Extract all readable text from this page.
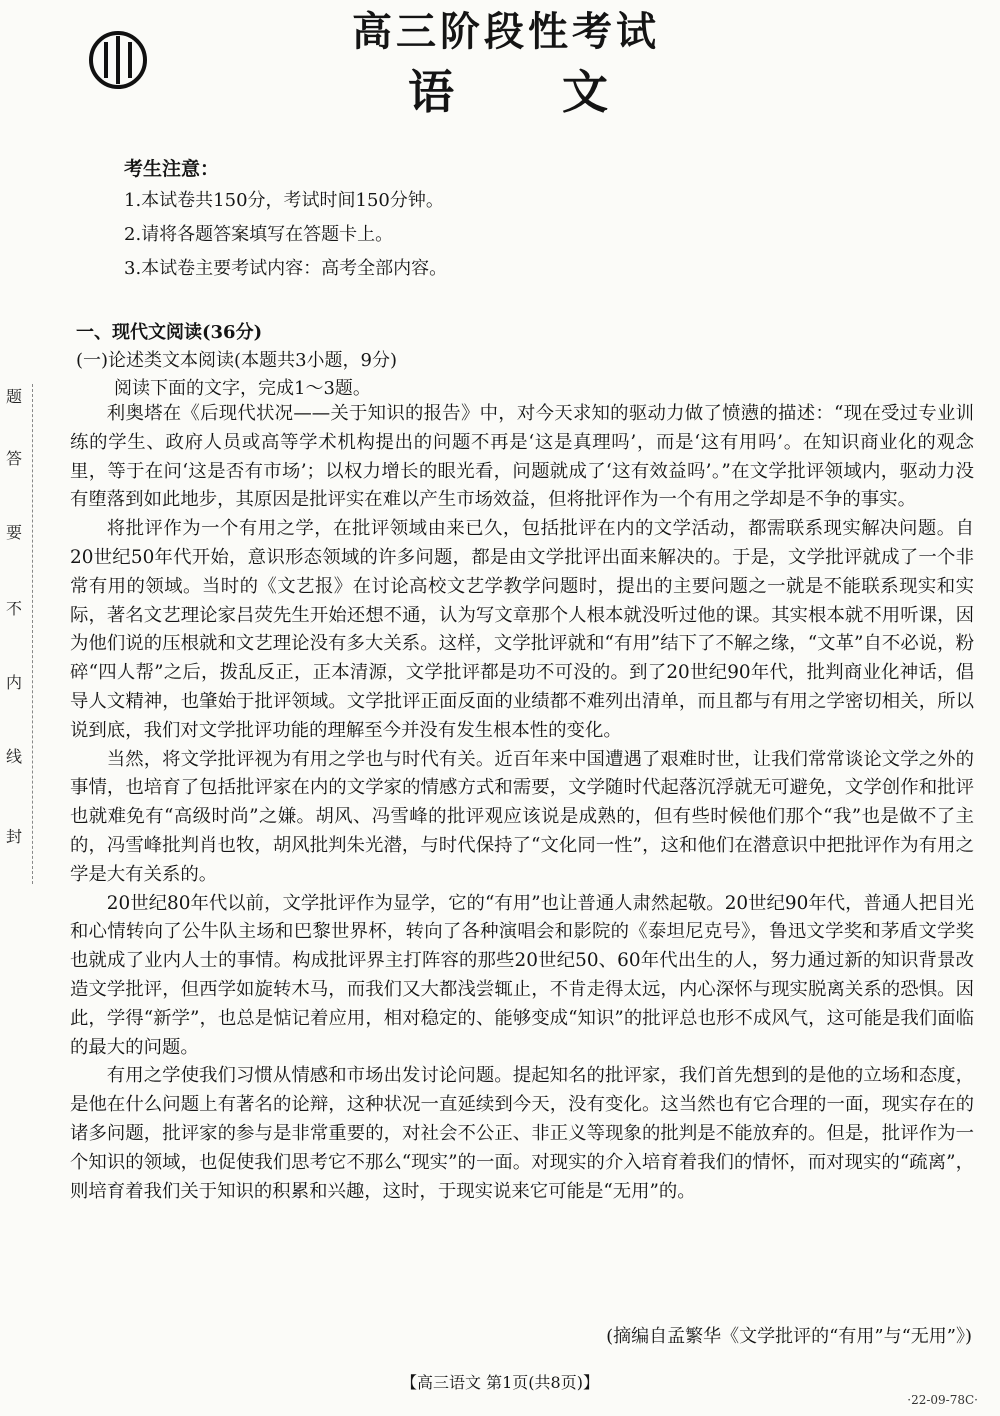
高三阶段性考试
语 文
考生注意：
1.本试卷共150分，考试时间150分钟。
2.请将各题答案填写在答题卡上。
3.本试卷主要考试内容：高考全部内容。
一、现代文阅读(36分)
(一)论述类文本阅读(本题共3小题，9分)
阅读下面的文字，完成1～3题。
题
答
要
不
内
线
封

利奥塔在《后现代状况——关于知识的报告》中，对今天求知的驱动力做了愤懑的描述：“现在受过专业训练的学生、政府人员或高等学术机构提出的问题不再是‘这是真理吗’，而是‘这有用吗’。在知识商业化的观念里，等于在问‘这是否有市场’；以权力增长的眼光看，问题就成了‘这有效益吗’。”在文学批评领域内，驱动力没有堕落到如此地步，其原因是批评实在难以产生市场效益，但将批评作为一个有用之学却是不争的事实。

将批评作为一个有用之学，在批评领域由来已久，包括批评在内的文学活动，都需联系现实解决问题。自20世纪50年代开始，意识形态领域的许多问题，都是由文学批评出面来解决的。于是，文学批评就成了一个非常有用的领域。当时的《文艺报》在讨论高校文艺学教学问题时，提出的主要问题之一就是不能联系现实和实际，著名文艺理论家吕荧先生开始还想不通，认为写文章那个人根本就没听过他的课。其实根本就不用听课，因为他们说的压根就和文艺理论没有多大关系。这样，文学批评就和“有用”结下了不解之缘，“文革”自不必说，粉碎“四人帮”之后，拨乱反正，正本清源，文学批评都是功不可没的。到了20世纪90年代，批判商业化神话，倡导人文精神，也肇始于批评领域。文学批评正面反面的业绩都不难列出清单，而且都与有用之学密切相关，所以说到底，我们对文学批评功能的理解至今并没有发生根本性的变化。

当然，将文学批评视为有用之学也与时代有关。近百年来中国遭遇了艰难时世，让我们常常谈论文学之外的事情，也培育了包括批评家在内的文学家的情感方式和需要，文学随时代起落沉浮就无可避免，文学创作和批评也就难免有“高级时尚”之嫌。胡风、冯雪峰的批评观应该说是成熟的，但有些时候他们那个“我”也是做不了主的，冯雪峰批判肖也牧，胡风批判朱光潜，与时代保持了“文化同一性”，这和他们在潜意识中把批评作为有用之学是大有关系的。

20世纪80年代以前，文学批评作为显学，它的“有用”也让普通人肃然起敬。20世纪90年代，普通人把目光和心情转向了公牛队主场和巴黎世界杯，转向了各种演唱会和影院的《泰坦尼克号》，鲁迅文学奖和茅盾文学奖也就成了业内人士的事情。构成批评界主打阵容的那些20世纪50、60年代出生的人，努力通过新的知识背景改造文学批评，但西学如旋转木马，而我们又大都浅尝辄止，不肯走得太远，内心深怀与现实脱离关系的恐惧。因此，学得“新学”，也总是惦记着应用，相对稳定的、能够变成“知识”的批评总也形不成风气，这可能是我们面临的最大的问题。

有用之学使我们习惯从情感和市场出发讨论问题。提起知名的批评家，我们首先想到的是他的立场和态度，是他在什么问题上有著名的论辩，这种状况一直延续到今天，没有变化。这当然也有它合理的一面，现实存在的诸多问题，批评家的参与是非常重要的，对社会不公正、非正义等现象的批判是不能放弃的。但是，批评作为一个知识的领域，也促使我们思考它不那么“现实”的一面。对现实的介入培育着我们的情怀，而对现实的“疏离”，则培育着我们关于知识的积累和兴趣，这时，于现实说来它可能是“无用”的。

(摘编自孟繁华《文学批评的“有用”与“无用”》)
【高三语文 第1页(共8页)】
·22-09-78C·
